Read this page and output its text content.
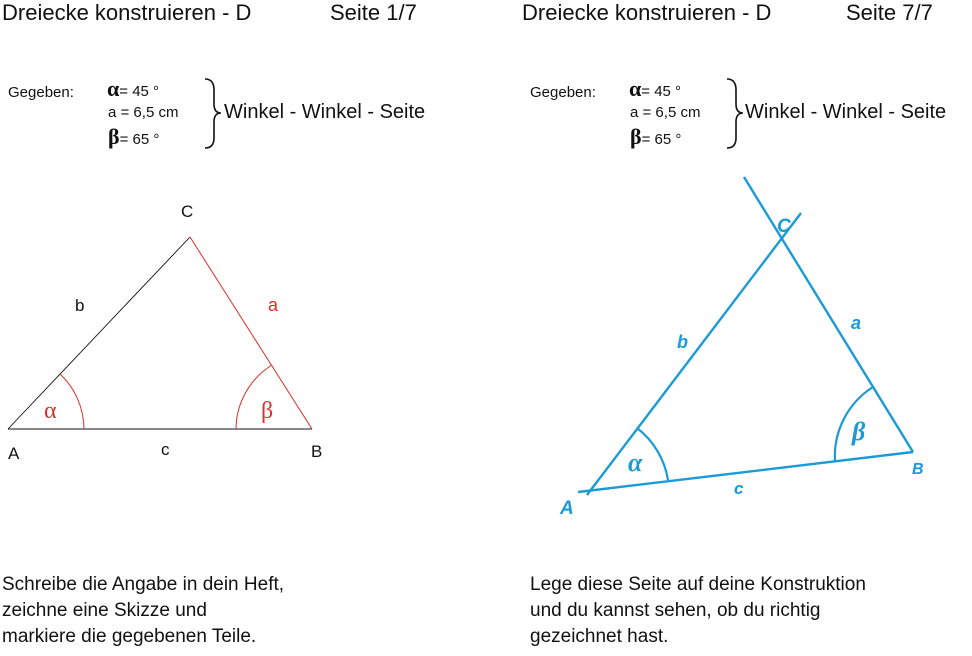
Dreiecke konstruieren - D	Seite 1/7
Gegeben: α= 45 °
a = 6,5 cm
β= 65 °
Winkel - Winkel - Seite
Dreiecke konstruieren - D	Seite 7/7
Gegeben: α= 45 °
a = 6,5 cm
β= 65 °
Winkel - Winkel - Seite
A	B
C
b	a
c
α	β
A
B
C
b
a
c
α
β
Schreibe die Angabe in dein Heft,
zeichne eine Skizze und
markiere die gegebenen Teile.
Lege diese Seite auf deine Konstruktion
und du kannst sehen, ob du richtig
gezeichnet hast.
